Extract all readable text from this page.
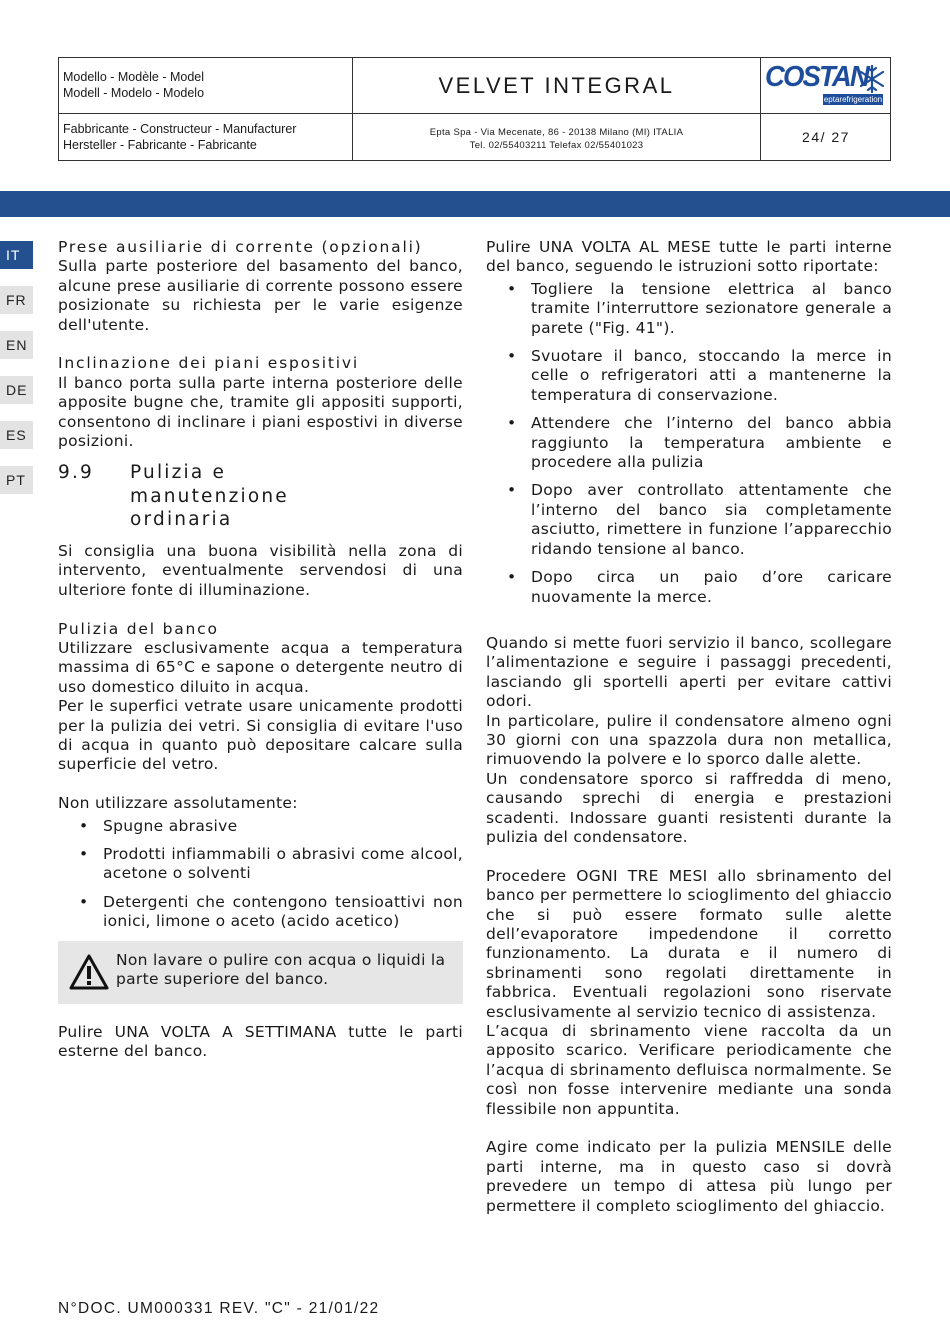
Modello - Modèle - Model
Modell - Modelo - Modelo	VELVET INTEGRAL	COSTAN
eptarefrigeration
Fabbricante - Constructeur - Manufacturer
Hersteller - Fabricante - Fabricante
Epta Spa - Via Mecenate, 86 - 20138 Milano (MI) ITALIA
Tel. 02/55403211 Telefax 02/55401023
24/ 27
IT
FR
EN
DE
ES
PT

Prese ausiliarie di corrente (opzionali)

Sulla parte posteriore del basamento del banco, alcune prese ausiliarie di corrente possono essere posizionate su richiesta per le varie esigenze dell'utente.

Inclinazione dei piani espositivi

Il banco porta sulla parte interna posteriore delle apposite bugne che, tramite gli appositi supporti, consentono di inclinare i piani espostivi in diverse posizioni.

9.9	Pulizia e manutenzione ordinaria

Si consiglia una buona visibilità nella zona di intervento, eventualmente servendosi di una ulteriore fonte di illuminazione.

Pulizia del banco

Utilizzare esclusivamente acqua a temperatura massima di 65°C e sapone o detergente neutro di uso domestico diluito in acqua.

Per le superfici vetrate usare unicamente prodotti per la pulizia dei vetri. Si consiglia di evitare l'uso di acqua in quanto può depositare calcare sulla superficie del vetro.

Non utilizzare assolutamente:

• Spugne abrasive
• Prodotti infiammabili o abrasivi come alcool, acetone o solventi
• Detergenti che contengono tensioattivi non ionici, limone o aceto (acido acetico)
Non lavare o pulire con acqua o liquidi la parte superiore del banco.

Pulire UNA VOLTA A SETTIMANA tutte le parti esterne del banco.

Pulire UNA VOLTA AL MESE tutte le parti interne del banco, seguendo le istruzioni sotto riportate:

• Togliere la tensione elettrica al banco tramite l’interruttore sezionatore generale a parete ("Fig. 41").
• Svuotare il banco, stoccando la merce in celle o refrigeratori atti a mantenerne la temperatura di conservazione.
• Attendere che l’interno del banco abbia raggiunto la temperatura ambiente e procedere alla pulizia
• Dopo aver controllato attentamente che l’interno del banco sia completamente asciutto, rimettere in funzione l’apparecchio ridando tensione al banco.
• Dopo circa un paio d’ore caricare nuovamente la merce.

Quando si mette fuori servizio il banco, scollegare l’alimentazione e seguire i passaggi precedenti, lasciando gli sportelli aperti per evitare cattivi odori.

In particolare, pulire il condensatore almeno ogni 30 giorni con una spazzola dura non metallica, rimuovendo la polvere e lo sporco dalle alette.

Un condensatore sporco si raffredda di meno, causando sprechi di energia e prestazioni scadenti. Indossare guanti resistenti durante la pulizia del condensatore.

Procedere OGNI TRE MESI allo sbrinamento del banco per permettere lo scioglimento del ghiaccio che si può essere formato sulle alette dell’evaporatore impedendone il corretto funzionamento. La durata e il numero di sbrinamenti sono regolati direttamente in fabbrica. Eventuali regolazioni sono riservate esclusivamente al servizio tecnico di assistenza.

L’acqua di sbrinamento viene raccolta da un apposito scarico. Verificare periodicamente che l’acqua di sbrinamento defluisca normalmente. Se così non fosse intervenire mediante una sonda flessibile non appuntita.

Agire come indicato per la pulizia MENSILE delle parti interne, ma in questo caso si dovrà prevedere un tempo di attesa più lungo per permettere il completo scioglimento del ghiaccio.

N°DOC. UM000331 REV. "C" - 21/01/22
